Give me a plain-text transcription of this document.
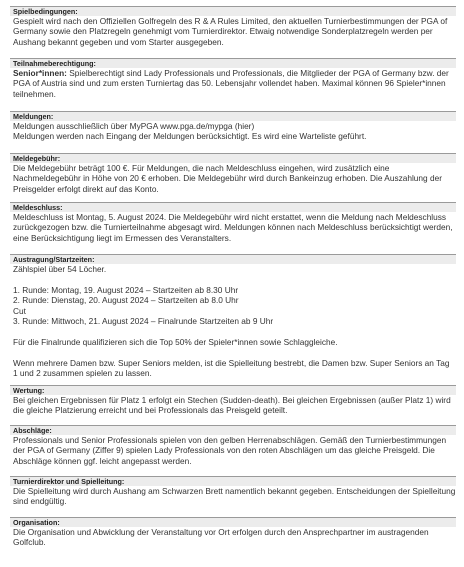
Spielbedingungen:

Gespielt wird nach den Offiziellen Golfregeln des R & A Rules Limited, den aktuellen Turnierbestimmungen der PGA of Germany sowie den Platzregeln genehmigt vom Turnierdirektor. Etwaig notwendige Sonderplatzregeln werden per Aushang bekannt gegeben und vom Starter ausgegeben.

Teilnahmeberechtigung:

Senior*innen: Spielberechtigt sind Lady Professionals und Professionals, die Mitglieder der PGA of Germany bzw. der PGA of Austria sind und zum ersten Turniertag das 50. Lebensjahr vollendet haben. Maximal können 96 Spieler*innen teilnehmen.

Meldungen:

Meldungen ausschließlich über MyPGA www.pga.de/mypga (hier)

Meldungen werden nach Eingang der Meldungen berücksichtigt. Es wird eine Warteliste geführt.

Meldegebühr:

Die Meldegebühr beträgt 100 €. Für Meldungen, die nach Meldeschluss eingehen, wird zusätzlich eine Nachmeldegebühr in Höhe von 20 € erhoben. Die Meldegebühr wird durch Bankeinzug erhoben. Die Auszahlung der Preisgelder erfolgt direkt auf das Konto.

Meldeschluss:

Meldeschluss ist Montag, 5. August 2024. Die Meldegebühr wird nicht erstattet, wenn die Meldung nach Meldeschluss zurückgezogen bzw. die Turnierteilnahme abgesagt wird. Meldungen können nach Meldeschluss berücksichtigt werden, eine Berücksichtigung liegt im Ermessen des Veranstalters.

Austragung/Startzeiten:

Zählspiel über 54 Löcher.

1. Runde: Montag, 19. August 2024 – Startzeiten ab 8.30 Uhr

2. Runde: Dienstag, 20. August 2024 – Startzeiten ab 8.0 Uhr

Cut

3. Runde: Mittwoch, 21. August 2024 – Finalrunde Startzeiten ab 9 Uhr

Für die Finalrunde qualifizieren sich die Top 50% der Spieler*innen sowie Schlaggleiche.

Wenn mehrere Damen bzw. Super Seniors melden, ist die Spielleitung bestrebt, die Damen bzw. Super Seniors an Tag 1 und 2 zusammen spielen zu lassen.

Wertung:

Bei gleichen Ergebnissen für Platz 1 erfolgt ein Stechen (Sudden-death). Bei gleichen Ergebnissen (außer Platz 1) wird die gleiche Platzierung erreicht und bei Professionals das Preisgeld geteilt.

Abschläge:

Professionals und Senior Professionals spielen von den gelben Herrenabschlägen. Gemäß den Turnierbestimmungen der PGA of Germany (Ziffer 9) spielen Lady Professionals von den roten Abschlägen um das gleiche Preisgeld. Die Abschläge können ggf. leicht angepasst werden.

Turnierdirektor und Spielleitung:

Die Spielleitung wird durch Aushang am Schwarzen Brett namentlich bekannt gegeben. Entscheidungen der Spielleitung sind endgültig.

Organisation:

Die Organisation und Abwicklung der Veranstaltung vor Ort erfolgen durch den Ansprechpartner im austragenden Golfclub.
